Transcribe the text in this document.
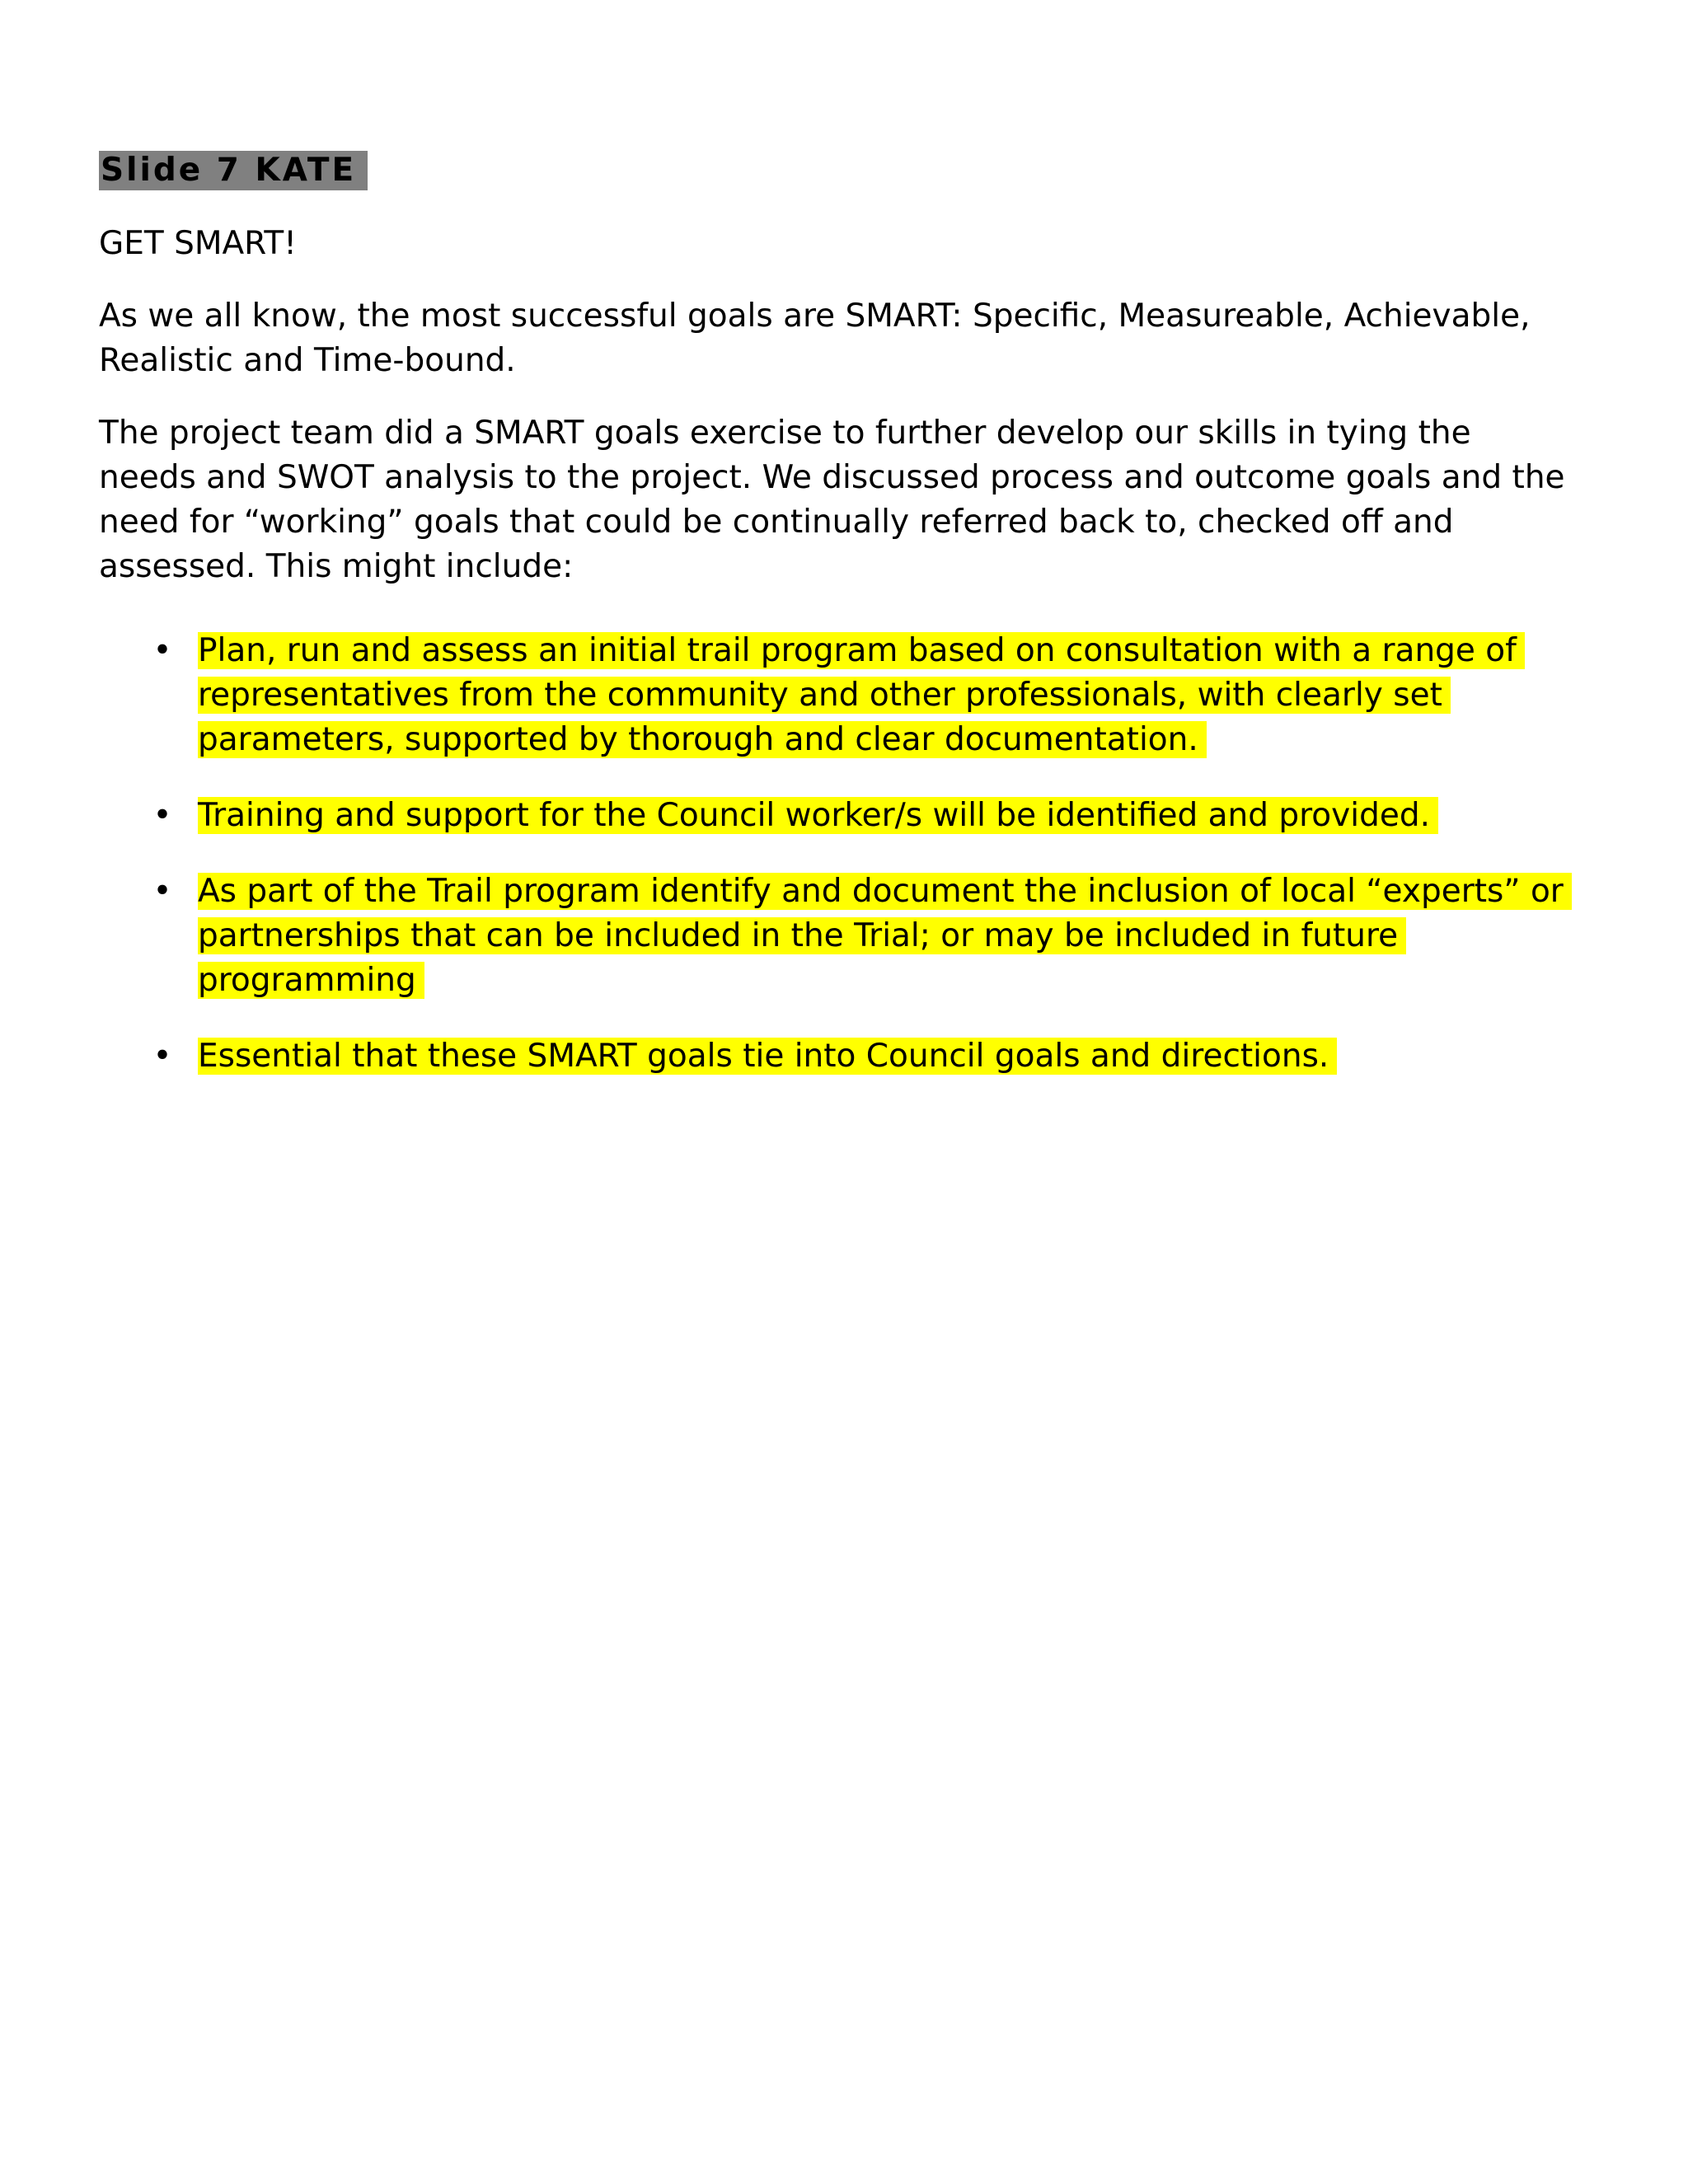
Slide 7 KATE

GET SMART!

As we all know, the most successful goals are SMART: Specific, Measureable, Achievable, Realistic and Time-bound.

The project team did a SMART goals exercise to further develop our skills in tying the needs and SWOT analysis to the project. We discussed process and outcome goals and the need for “working” goals that could be continually referred back to, checked off and assessed. This might include:

• Plan, run and assess an initial trail program based on consultation with a range of representatives from the community and other professionals, with clearly set parameters, supported by thorough and clear documentation.
• Training and support for the Council worker/s will be identified and provided.
• As part of the Trail program identify and document the inclusion of local “experts” or partnerships that can be included in the Trial; or may be included in future programming
• Essential that these SMART goals tie into Council goals and directions.
